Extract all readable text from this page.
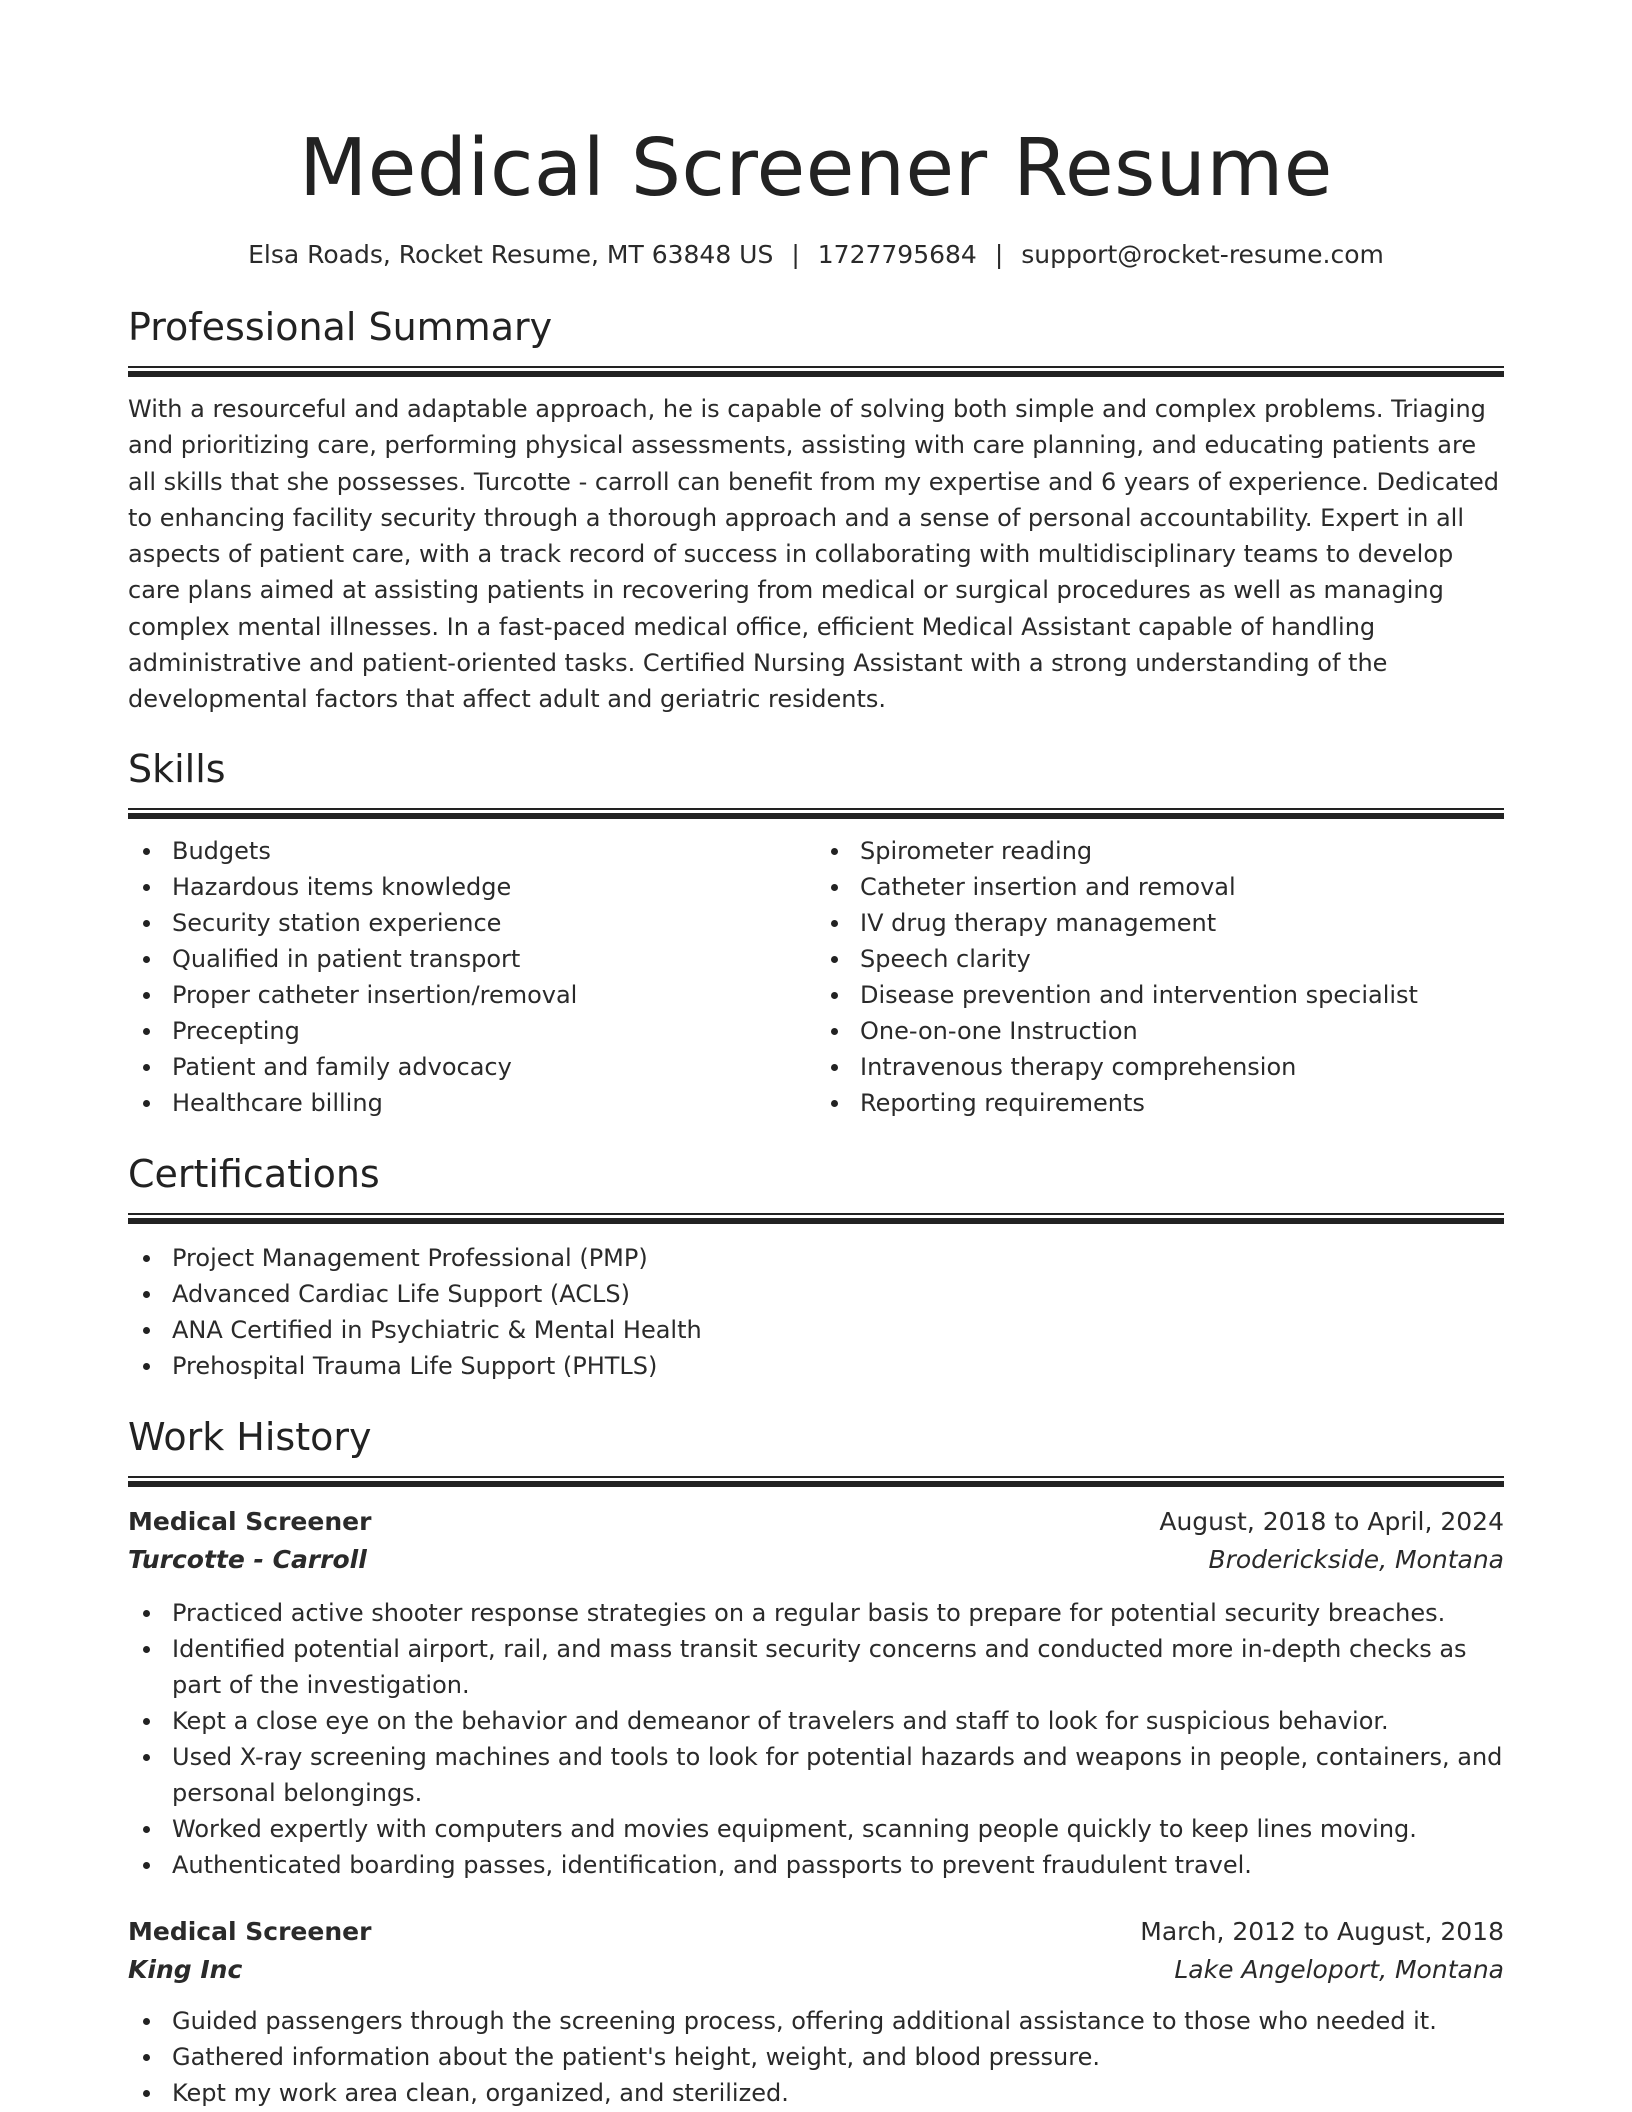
Medical Screener Resume
Elsa Roads, Rocket Resume, MT 63848 US | 1727795684 | support@rocket-resume.com
Professional Summary

With a resourceful and adaptable approach, he is capable of solving both simple and complex problems. Triaging and prioritizing care, performing physical assessments, assisting with care planning, and educating patients are all skills that she possesses. Turcotte - carroll can benefit from my expertise and 6 years of experience. Dedicated to enhancing facility security through a thorough approach and a sense of personal accountability. Expert in all aspects of patient care, with a track record of success in collaborating with multidisciplinary teams to develop care plans aimed at assisting patients in recovering from medical or surgical procedures as well as managing complex mental illnesses. In a fast-paced medical office, efficient Medical Assistant capable of handling administrative and patient-oriented tasks. Certified Nursing Assistant with a strong understanding of the developmental factors that affect adult and geriatric residents.

Skills
Budgets
Hazardous items knowledge
Security station experience
Qualified in patient transport
Proper catheter insertion/removal
Precepting
Patient and family advocacy
Healthcare billing
Spirometer reading
Catheter insertion and removal
IV drug therapy management
Speech clarity
Disease prevention and intervention specialist
One-on-one Instruction
Intravenous therapy comprehension
Reporting requirements
Certifications
Project Management Professional (PMP)
Advanced Cardiac Life Support (ACLS)
ANA Certified in Psychiatric & Mental Health
Prehospital Trauma Life Support (PHTLS)
Work History
Medical Screener	August, 2018 to April, 2024
Turcotte - Carroll	Brodericksidе, Montana
Practiced active shooter response strategies on a regular basis to prepare for potential security breaches.
Identified potential airport, rail, and mass transit security concerns and conducted more in-depth checks as part of the investigation.
Kept a close eye on the behavior and demeanor of travelers and staff to look for suspicious behavior.
Used X-ray screening machines and tools to look for potential hazards and weapons in people, containers, and personal belongings.
Worked expertly with computers and movies equipment, scanning people quickly to keep lines moving.
Authenticated boarding passes, identification, and passports to prevent fraudulent travel.
Medical Screener	March, 2012 to August, 2018
King Inc	Lake Angeloport, Montana
Guided passengers through the screening process, offering additional assistance to those who needed it.
Gathered information about the patient's height, weight, and blood pressure.
Kept my work area clean, organized, and sterilized.
